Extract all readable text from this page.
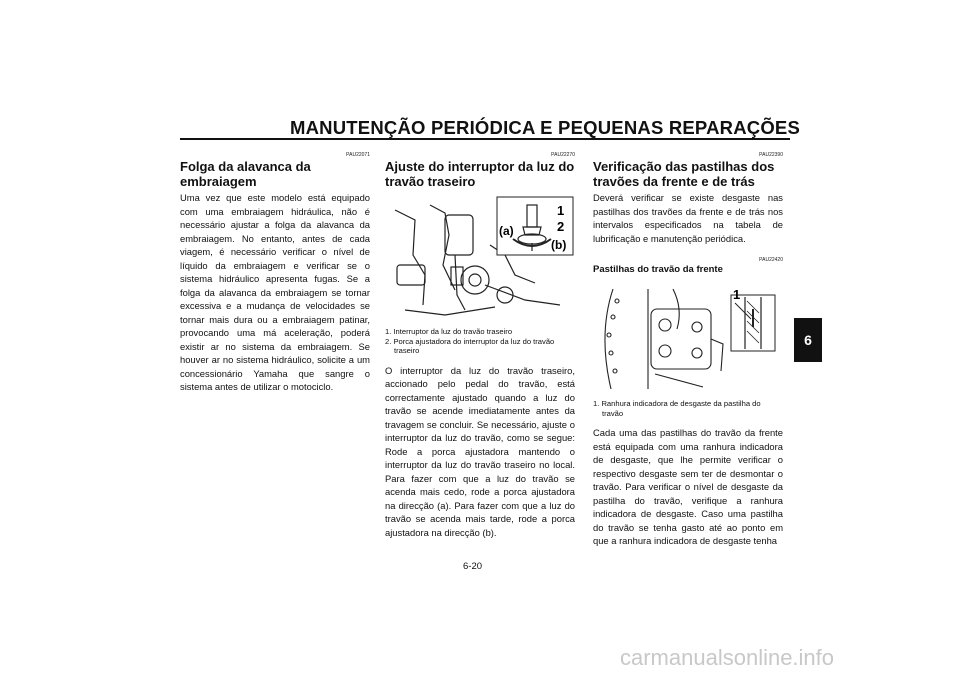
MANUTENÇÃO PERIÓDICA E PEQUENAS REPARAÇÕES
PAU22071
Folga da alavanca da embraiagem

Uma vez que este modelo está equipado com uma embraiagem hidráulica, não é necessário ajustar a folga da alavanca da embraiagem. No entanto, antes de cada viagem, é necessário verificar o nível de líquido da embraiagem e verificar se o sistema hidráulico apresenta fugas. Se a folga da alavanca da embraiagem se tornar excessiva e a mudança de velocidades se tornar mais dura ou a embraiagem patinar, provocando uma má aceleração, poderá existir ar no sistema da embraiagem. Se houver ar no sistema hidráulico, solicite a um concessionário Yamaha que sangre o sistema antes de utilizar o motociclo.

PAU22270
Ajuste do interruptor da luz do travão traseiro
1
2
(a)
(b)
1. Interruptor da luz do travão traseiro
2. Porca ajustadora do interruptor da luz do travão traseiro

O interruptor da luz do travão traseiro, accionado pelo pedal do travão, está correctamente ajustado quando a luz do travão se acende imediatamente antes da travagem se concluir. Se necessário, ajuste o interruptor da luz do travão, como se segue: Rode a porca ajustadora mantendo o interruptor da luz do travão traseiro no local. Para fazer com que a luz do travão se acenda mais cedo, rode a porca ajustadora na direcção (a). Para fazer com que a luz do travão se acenda mais tarde, rode a porca ajustadora na direcção (b).

PAU22390
Verificação das pastilhas dos travões da frente e de trás

Deverá verificar se existe desgaste nas pastilhas dos travões da frente e de trás nos intervalos especificados na tabela de lubrificação e manutenção periódica.

PAU22420
Pastilhas do travão da frente
1
1. Ranhura indicadora de desgaste da pastilha do travão

Cada uma das pastilhas do travão da frente está equipada com uma ranhura indicadora de desgaste, que lhe permite verificar o respectivo desgaste sem ter de desmontar o travão. Para verificar o nível de desgaste da pastilha do travão, verifique a ranhura indicadora de desgaste. Caso uma pastilha do travão se tenha gasto até ao ponto em que a ranhura indicadora de desgaste tenha

6
6-20
carmanualsonline.info
